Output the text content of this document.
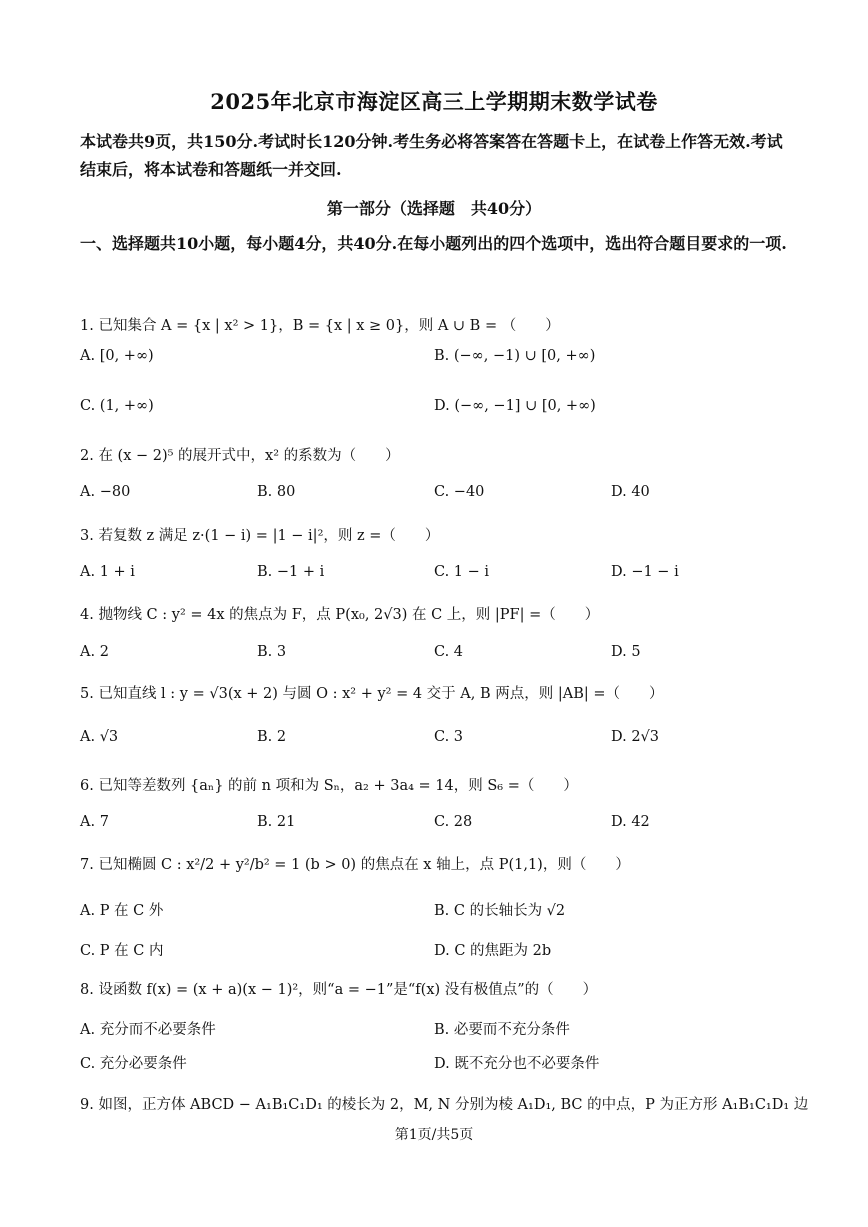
2025年北京市海淀区高三上学期期末数学试卷
本试卷共9页，共150分.考试时长120分钟.考生务必将答案答在答题卡上，在试卷上作答无效.考试结束后，将本试卷和答题纸一并交回.
第一部分（选择题　共40分）
一、选择题共10小题，每小题4分，共40分.在每小题列出的四个选项中，选出符合题目要求的一项.
1. 已知集合 A = {x | x² > 1}，B = {x | x ≥ 0}，则 A ∪ B = （　　）
A. [0, +∞)	B. (−∞, −1) ∪ [0, +∞)
C. (1, +∞)	D. (−∞, −1] ∪ [0, +∞)
2. 在 (x − 2)⁵ 的展开式中，x² 的系数为（　　）
A. −80	B. 80	C. −40	D. 40
3. 若复数 z 满足 z·(1 − i) = |1 − i|²，则 z =（　　）
A. 1 + i	B. −1 + i	C. 1 − i	D. −1 − i
4. 抛物线 C : y² = 4x 的焦点为 F，点 P(x₀, 2√3) 在 C 上，则 |PF| =（　　）
A. 2	B. 3	C. 4	D. 5
5. 已知直线 l : y = √3(x + 2) 与圆 O : x² + y² = 4 交于 A, B 两点，则 |AB| =（　　）
A. √3	B. 2	C. 3	D. 2√3
6. 已知等差数列 {aₙ} 的前 n 项和为 Sₙ，a₂ + 3a₄ = 14，则 S₆ =（　　）
A. 7	B. 21	C. 28	D. 42
7. 已知椭圆 C : x²/2 + y²/b² = 1 (b > 0) 的焦点在 x 轴上，点 P(1,1)，则（　　）
A. P 在 C 外	B. C 的长轴长为 √2
C. P 在 C 内	D. C 的焦距为 2b
8. 设函数 f(x) = (x + a)(x − 1)²，则“a = −1”是“f(x) 没有极值点”的（　　）
A. 充分而不必要条件	B. 必要而不充分条件
C. 充分必要条件	D. 既不充分也不必要条件
9. 如图，正方体 ABCD − A₁B₁C₁D₁ 的棱长为 2，M, N 分别为棱 A₁D₁, BC 的中点，P 为正方形 A₁B₁C₁D₁ 边
第1页/共5页
